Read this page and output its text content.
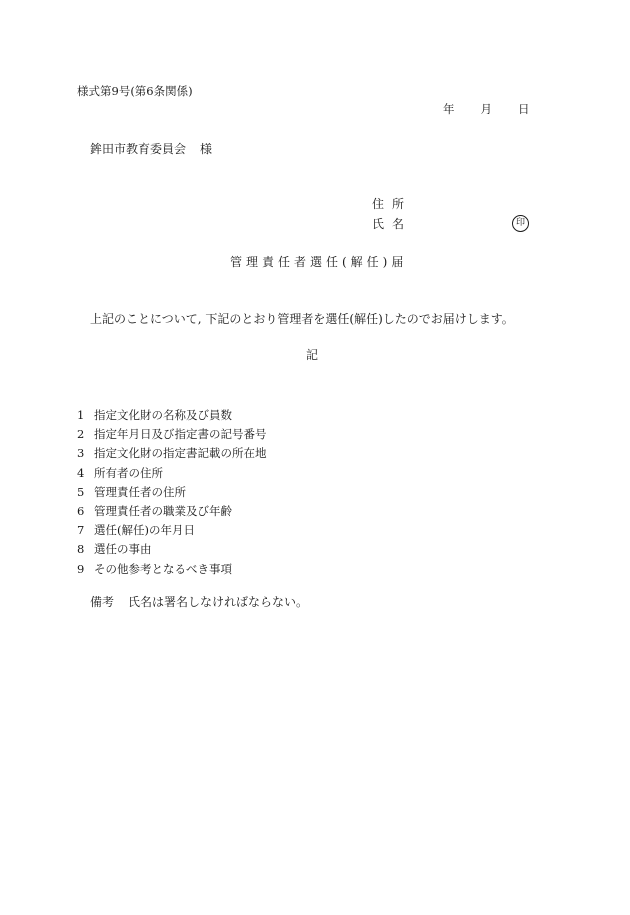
様式第9号(第6条関係)
年 月 日
鉾田市教育委員会 様
住所
氏名	印
管理責任者選任(解任)届
上記のことについて, 下記のとおり管理者を選任(解任)したのでお届けします。
記
1 指定文化財の名称及び員数
2 指定年月日及び指定書の記号番号
3 指定文化財の指定書記載の所在地
4 所有者の住所
5 管理責任者の住所
6 管理責任者の職業及び年齢
7 選任(解任)の年月日
8 選任の事由
9 その他参考となるべき事項
備考 氏名は署名しなければならない。
